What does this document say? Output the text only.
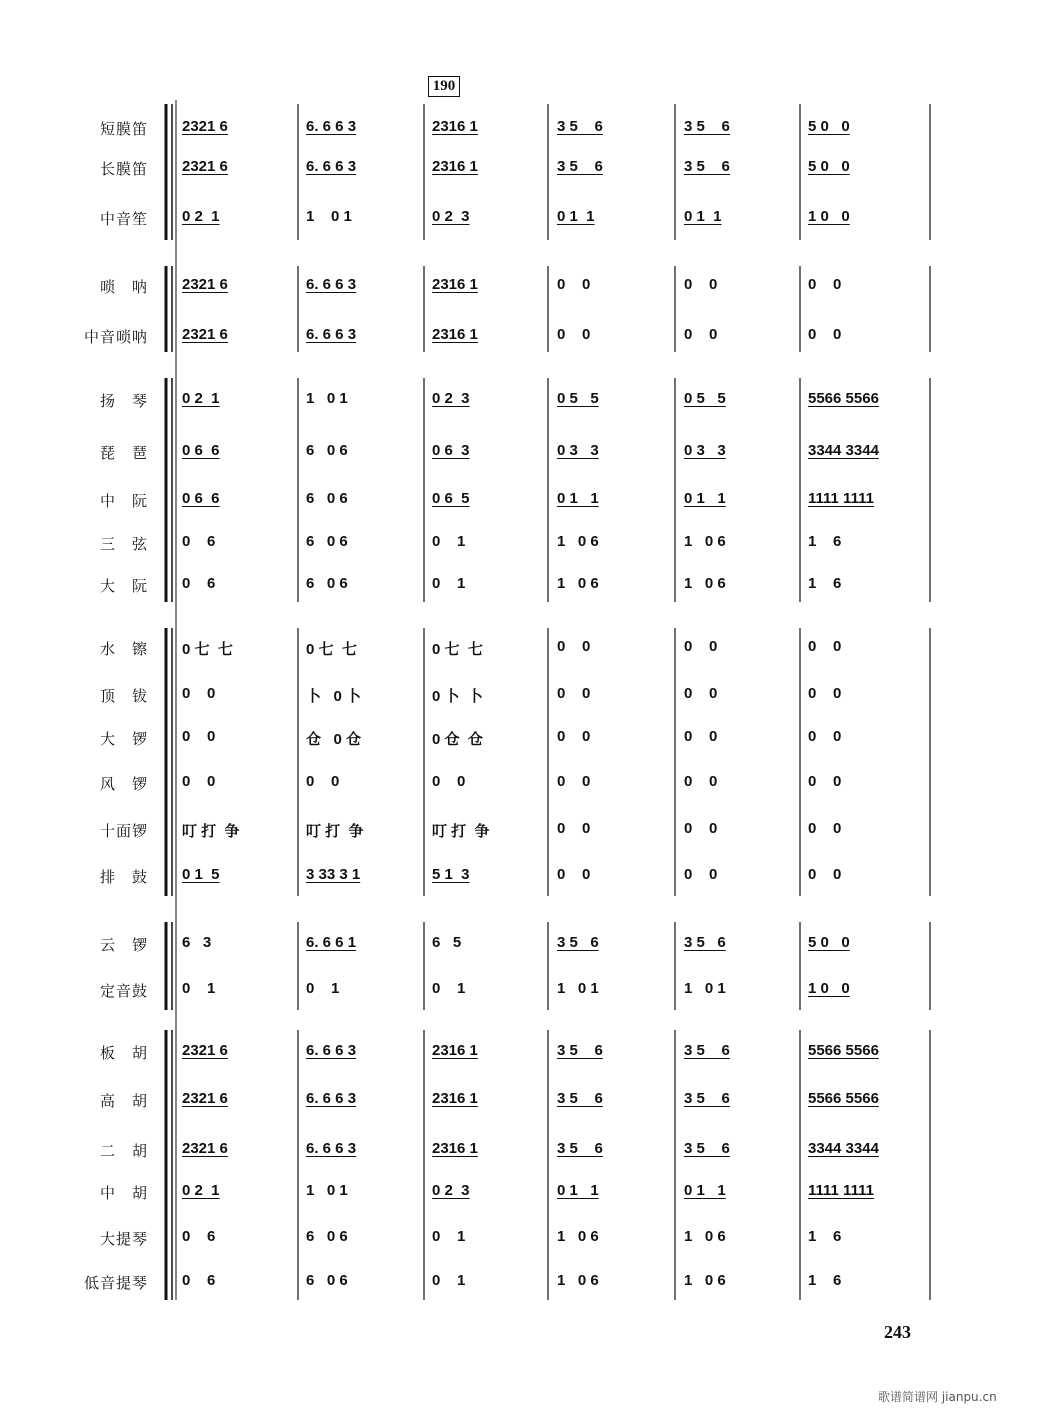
190
短膜笛 2321 6	6. 6 6 3	2316 1	3 5    6	3 5    6	5 0   0
长膜笛 2321 6	6. 6 6 3	2316 1	3 5    6	3 5    6	5 0   0
中音笙 0 2  1	1    0 1	0 2  3	0 1  1	0 1  1	1 0   0
唢　呐 2321 6	6. 6 6 3	2316 1	0    0	0    0	0    0
中音唢呐 2321 6	6. 6 6 3	2316 1	0    0	0    0	0    0
扬　琴 0 2  1	1   0 1	0 2  3	0 5   5	0 5   5	5566 5566
琵　琶 0 6  6	6   0 6	0 6  3	0 3   3	0 3   3	3344 3344
中　阮 0 6  6	6   0 6	0 6  5	0 1   1	0 1   1	1111 1111
三　弦 0    6	6   0 6	0    1	1   0 6	1   0 6	1    6
大　阮 0    6	6   0 6	0    1	1   0 6	1   0 6	1    6
水　镲 0 七  七	0 七  七	0 七  七	0    0	0    0	0    0
顶　钹 0    0	卜   0 卜	0 卜  卜	0    0	0    0	0    0
大　锣 0    0	仓   0 仓	0 仓  仓	0    0	0    0	0    0
风　锣 0    0	0    0	0    0	0    0	0    0	0    0
十面锣 叮 打  争	叮 打  争	叮 打  争	0    0	0    0	0    0
排　鼓 0 1  5	3 33 3 1	5 1  3	0    0	0    0	0    0
云　锣 6   3	6. 6 6 1	6   5	3 5   6	3 5   6	5 0   0
定音鼓 0    1	0    1	0    1	1   0 1	1   0 1	1 0   0
板　胡 2321 6	6. 6 6 3	2316 1	3 5    6	3 5    6	5566 5566
高　胡 2321 6	6. 6 6 3	2316 1	3 5    6	3 5    6	5566 5566
二　胡 2321 6	6. 6 6 3	2316 1	3 5    6	3 5    6	3344 3344
中　胡 0 2  1	1   0 1	0 2  3	0 1   1	0 1   1	1111 1111
大提琴 0    6	6   0 6	0    1	1   0 6	1   0 6	1    6
低音提琴 0    6	6   0 6	0    1	1   0 6	1   0 6	1    6
243
歌谱简谱网 jianpu.cn
